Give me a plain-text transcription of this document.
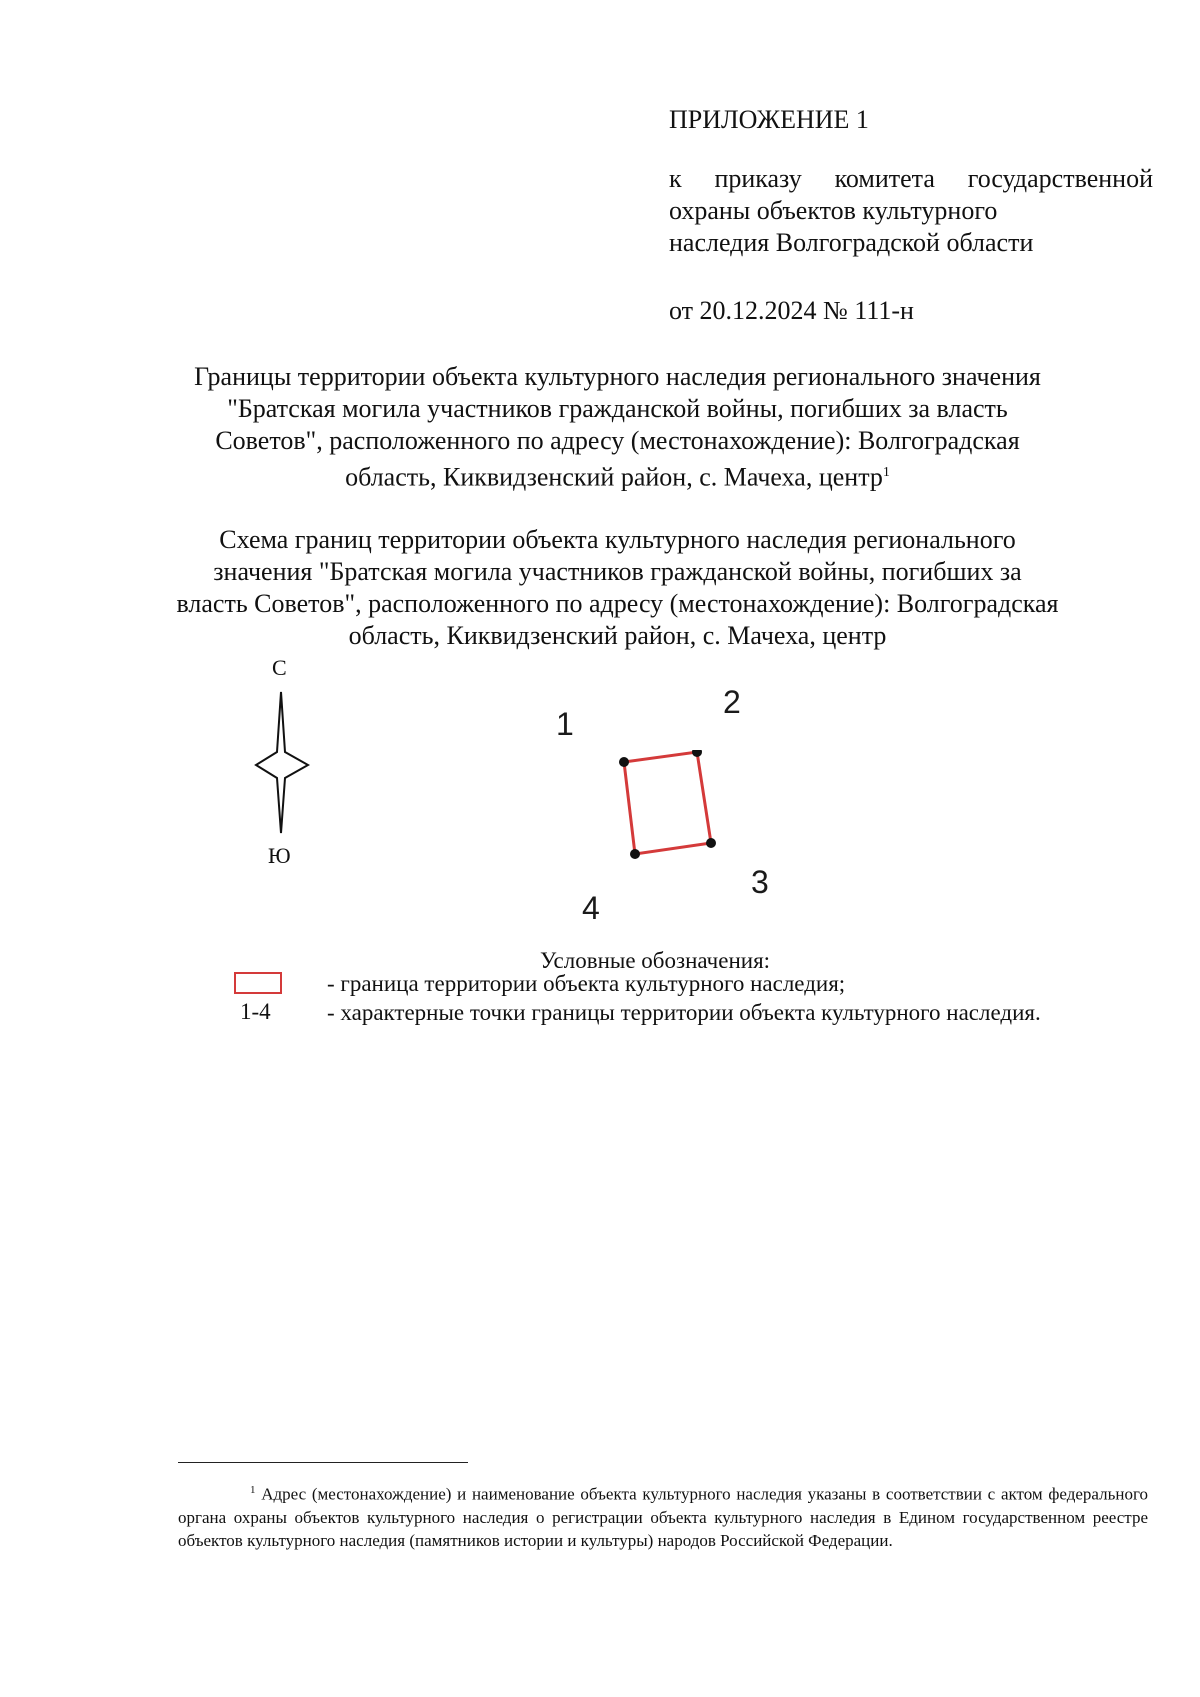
ПРИЛОЖЕНИЕ 1
к приказу комитета государственной
охраны объектов культурного
наследия Волгоградской области
от 20.12.2024 № 111-н
Границы территории объекта культурного наследия регионального значения
"Братская могила участников гражданской войны, погибших за власть
Советов", расположенного по адресу (местонахождение): Волгоградская
область, Киквидзенский район, с. Мачеха, центр$^1$
Схема границ территории объекта культурного наследия регионального
значения "Братская могила участников гражданской войны, погибших за
власть Советов", расположенного по адресу (местонахождение): Волгоградская
область, Киквидзенский район, с. Мачеха, центр
С
Ю
1
2
3
4
Условные обозначения:
- граница территории объекта культурного наследия;
1-4 - характерные точки границы территории объекта культурного наследия.
$^1$ Адрес (местонахождение) и наименование объекта культурного наследия указаны в соответствии с актом федерального органа охраны объектов культурного наследия о регистрации объекта культурного наследия в Едином государственном реестре объектов культурного наследия (памятников истории и культуры) народов Российской Федерации.
